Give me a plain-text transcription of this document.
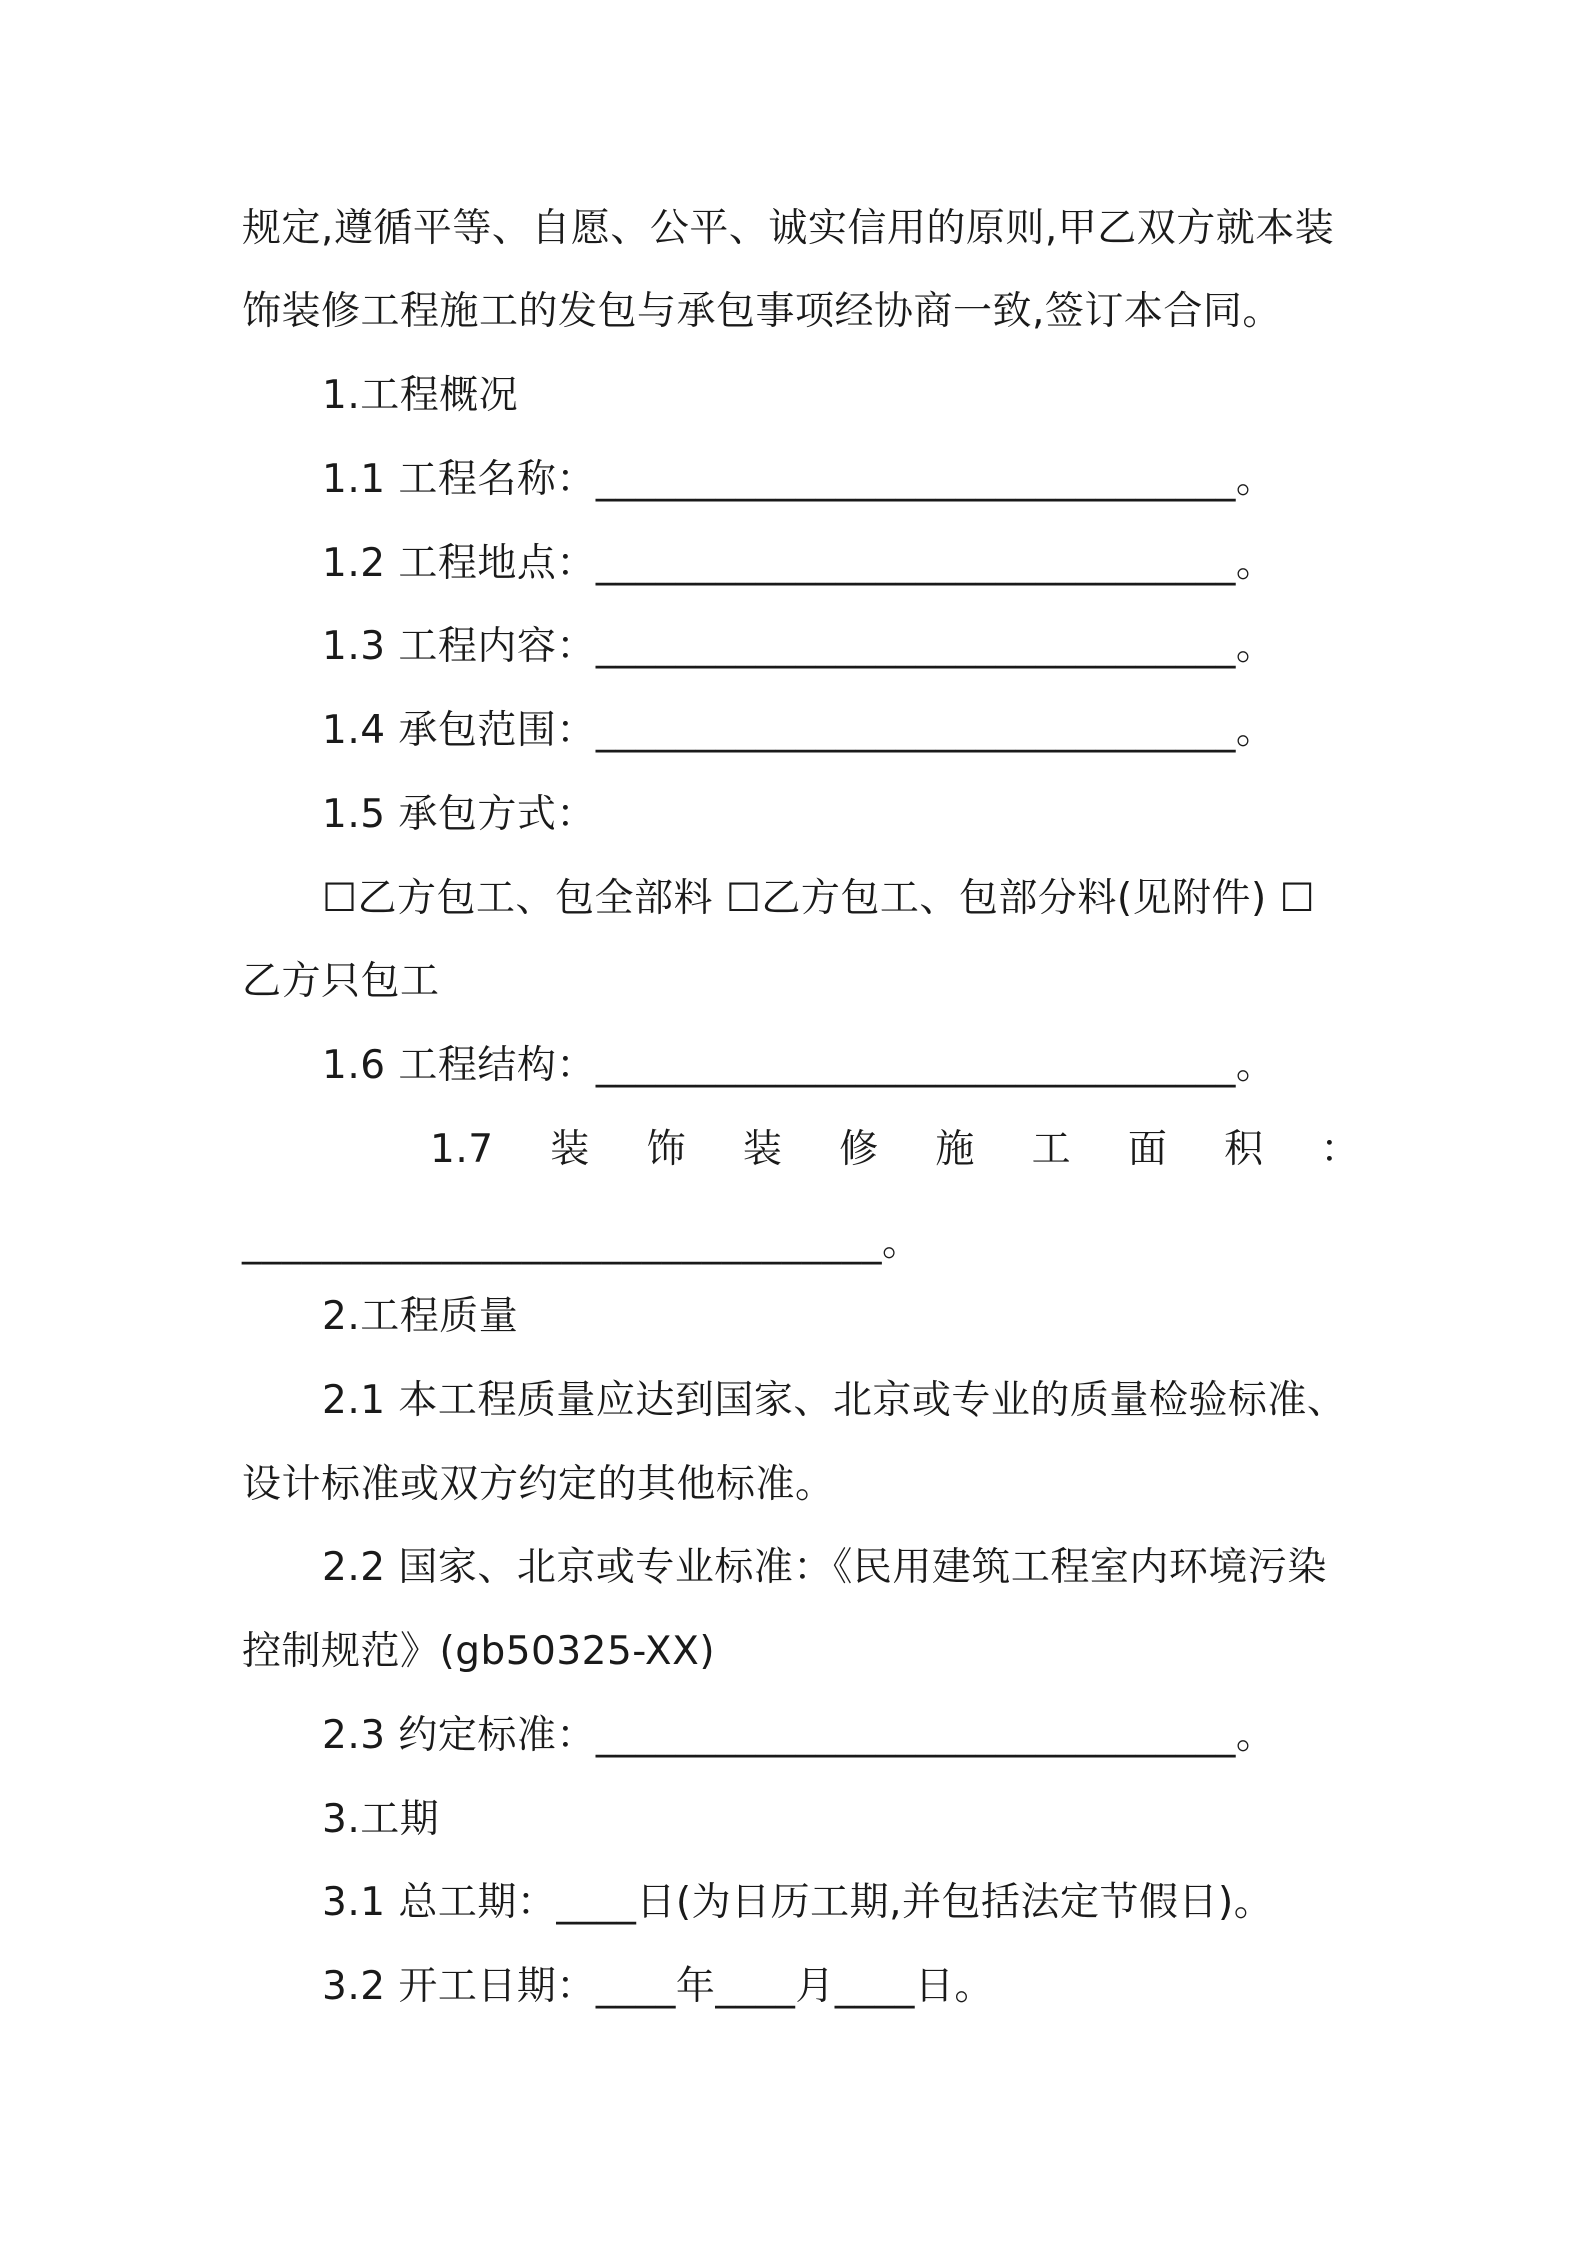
规定,遵循平等、自愿、公平、诚实信用的原则,甲乙双方就本装
饰装修工程施工的发包与承包事项经协商一致,签订本合同。
1.工程概况
1.1 工程名称：________________________________。
1.2 工程地点：________________________________。
1.3 工程内容：________________________________。
1.4 承包范围：________________________________。
1.5 承包方式：
☐乙方包工、包全部料 ☐乙方包工、包部分料(见附件) ☐
乙方只包工
1.6 工程结构：________________________________。
1.7 装 饰 装 修 施 工 面 积 ：
________________________________。
2.工程质量
2.1 本工程质量应达到国家、北京或专业的质量检验标准、
设计标准或双方约定的其他标准。
2.2 国家、北京或专业标准：《民用建筑工程室内环境污染
控制规范》(gb50325-XX)
2.3 约定标准：________________________________。
3.工期
3.1 总工期：____日(为日历工期,并包括法定节假日)。
3.2 开工日期：____年____月____日。
